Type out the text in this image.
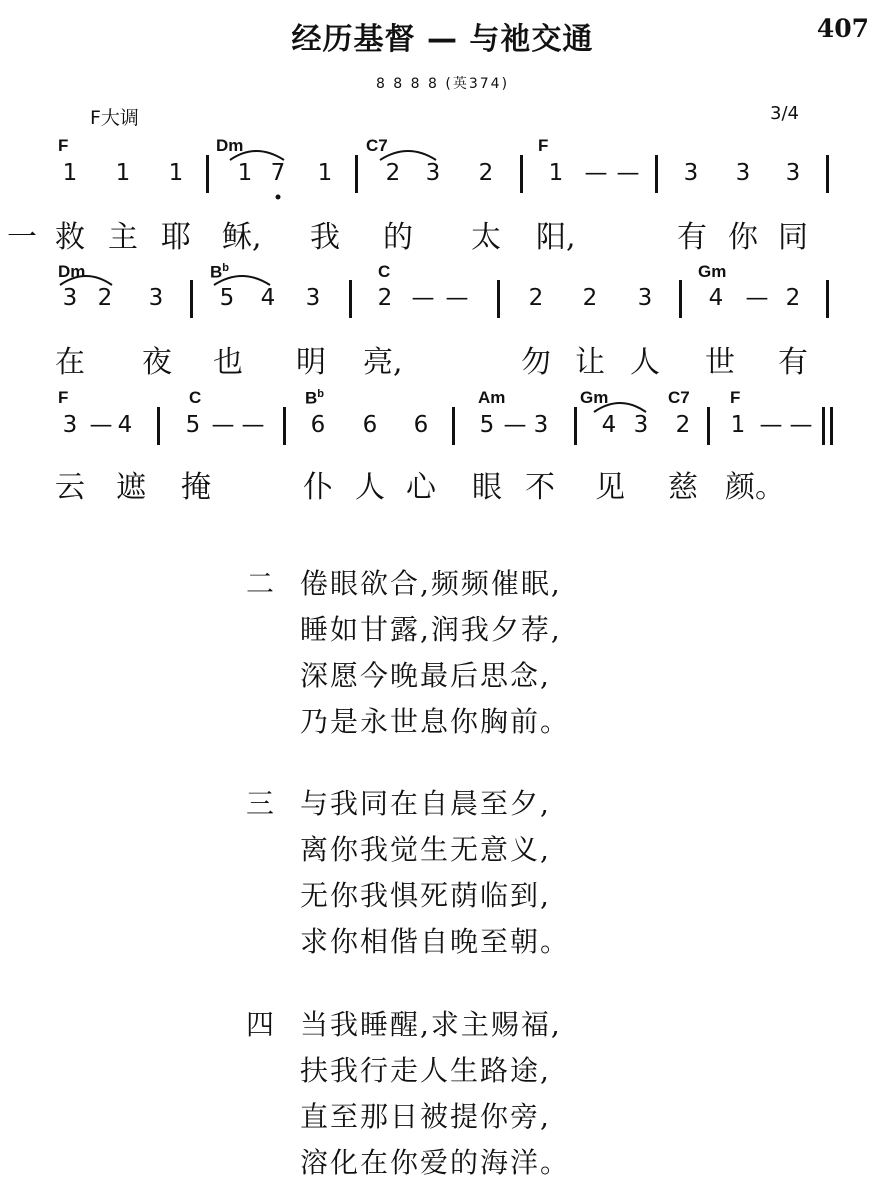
经历基督 — 与祂交通	407
8 8 8 8 (英374)
F大调	3/4
F	Dm	C7	F
1 1 1 1 7 1 2 3 2 1 — — 3 3 3
一 救 主 耶 稣,	我 的 太 阳,	有 你 同
Dm	$B^b$	C	Gm
3 2 3 5 4 3 2 — —	2 2 3 4 — 2
在 夜 也 明 亮,	勿 让 人 世 有
F	C	$B^b$	Am	Gm	C7 F
3 — 4 5 — — 6 6 6 5 — 3 4 3 2 1 — —
云 遮 掩	仆 人 心 眼 不 见 慈 颜。
二 倦眼欲合,频频催眠,
睡如甘露,润我夕荐,
深愿今晚最后思念,
乃是永世息你胸前。
三 与我同在自晨至夕,
离你我觉生无意义,
无你我惧死荫临到,
求你相偕自晚至朝。
四 当我睡醒,求主赐福,
扶我行走人生路途,
直至那日被提你旁,
溶化在你爱的海洋。
